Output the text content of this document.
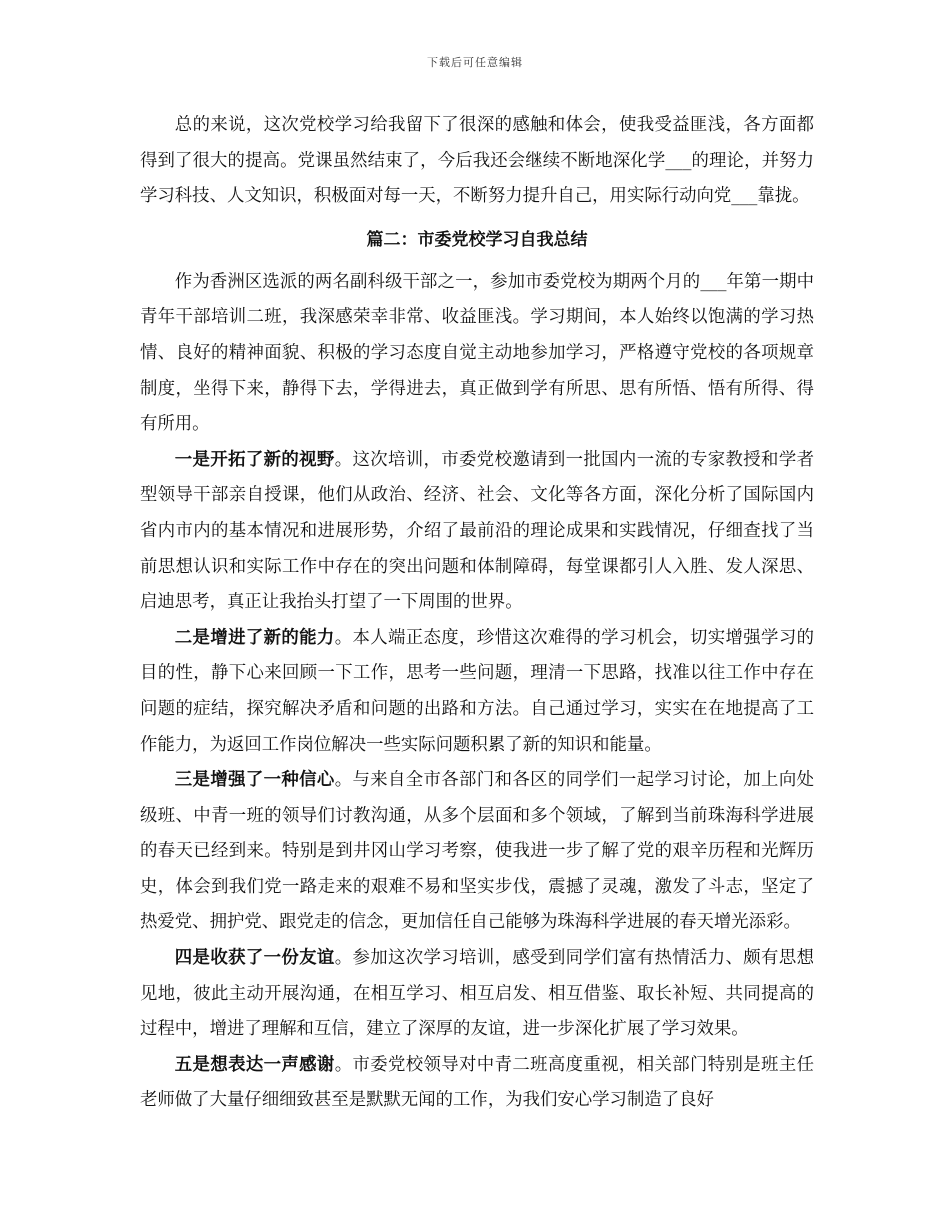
下载后可任意编辑

总的来说，这次党校学习给我留下了很深的感触和体会，使我受益匪浅，各方面都得到了很大的提高。党课虽然结束了，今后我还会继续不断地深化学___的理论，并努力学习科技、人文知识，积极面对每一天，不断努力提升自己，用实际行动向党___靠拢。

篇二：市委党校学习自我总结

作为香洲区选派的两名副科级干部之一，参加市委党校为期两个月的___年第一期中青年干部培训二班，我深感荣幸非常、收益匪浅。学习期间，本人始终以饱满的学习热情、良好的精神面貌、积极的学习态度自觉主动地参加学习，严格遵守党校的各项规章制度，坐得下来，静得下去，学得进去，真正做到学有所思、思有所悟、悟有所得、得有所用。

一是开拓了新的视野。这次培训，市委党校邀请到一批国内一流的专家教授和学者型领导干部亲自授课，他们从政治、经济、社会、文化等各方面，深化分析了国际国内省内市内的基本情况和进展形势，介绍了最前沿的理论成果和实践情况，仔细查找了当前思想认识和实际工作中存在的突出问题和体制障碍，每堂课都引人入胜、发人深思、启迪思考，真正让我抬头打望了一下周围的世界。

二是增进了新的能力。本人端正态度，珍惜这次难得的学习机会，切实增强学习的目的性，静下心来回顾一下工作，思考一些问题，理清一下思路，找准以往工作中存在问题的症结，探究解决矛盾和问题的出路和方法。自己通过学习，实实在在地提高了工作能力，为返回工作岗位解决一些实际问题积累了新的知识和能量。

三是增强了一种信心。与来自全市各部门和各区的同学们一起学习讨论，加上向处级班、中青一班的领导们讨教沟通，从多个层面和多个领域，了解到当前珠海科学进展的春天已经到来。特别是到井冈山学习考察，使我进一步了解了党的艰辛历程和光辉历史，体会到我们党一路走来的艰难不易和坚实步伐，震撼了灵魂，激发了斗志，坚定了热爱党、拥护党、跟党走的信念，更加信任自己能够为珠海科学进展的春天增光添彩。

四是收获了一份友谊。参加这次学习培训，感受到同学们富有热情活力、颇有思想见地，彼此主动开展沟通，在相互学习、相互启发、相互借鉴、取长补短、共同提高的过程中，增进了理解和互信，建立了深厚的友谊，进一步深化扩展了学习效果。

五是想表达一声感谢。市委党校领导对中青二班高度重视，相关部门特别是班主任老师做了大量仔细细致甚至是默默无闻的工作，为我们安心学习制造了良好
